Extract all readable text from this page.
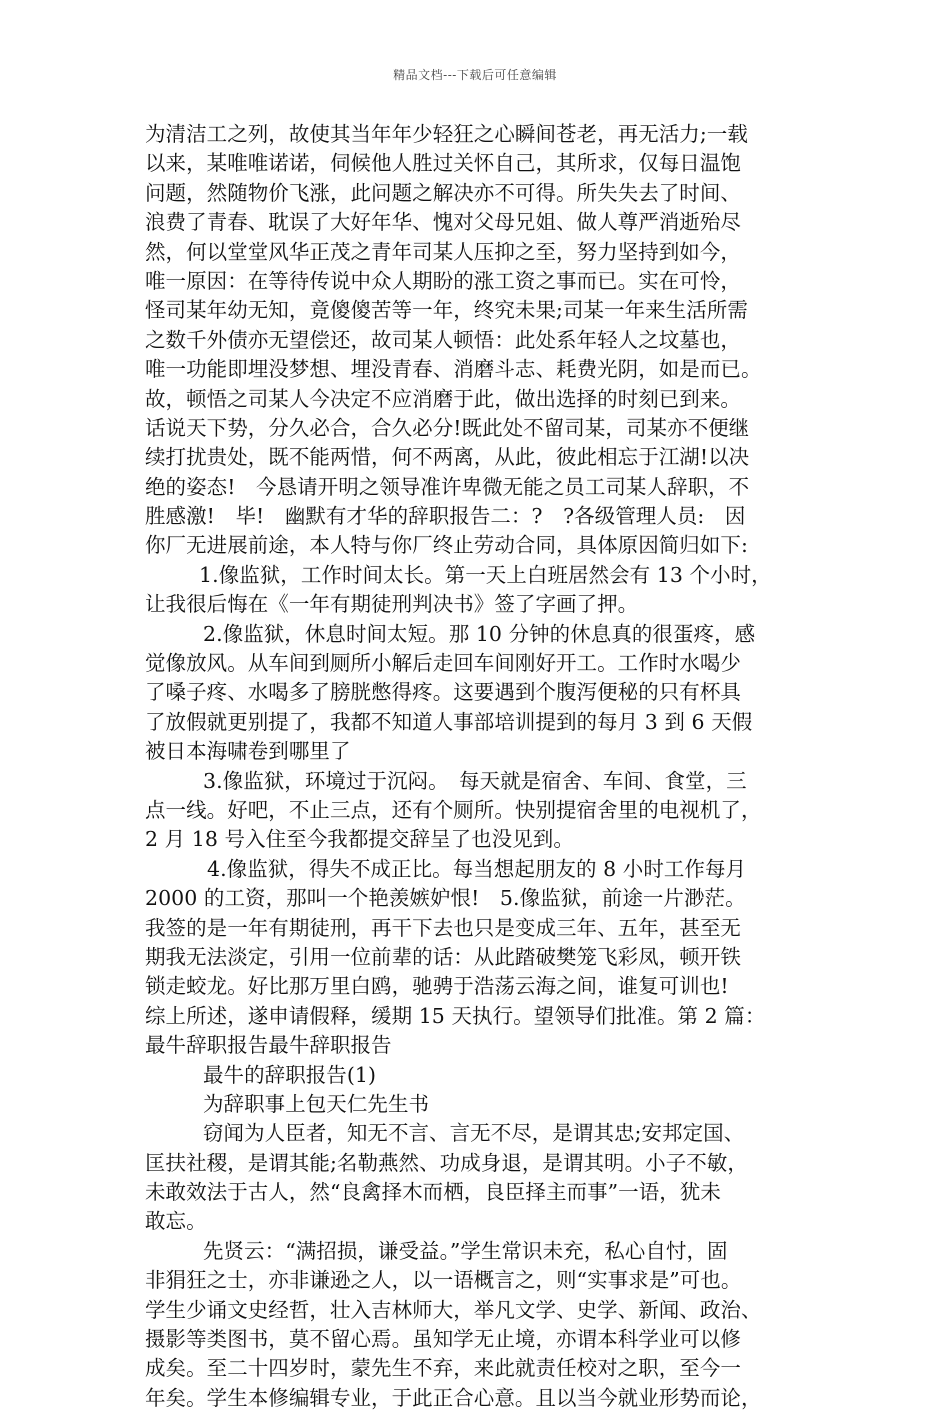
精品文档---下载后可任意编辑
为清洁工之列，故使其当年年少轻狂之心瞬间苍老，再无活力;一载
以来，某唯唯诺诺，伺候他人胜过关怀自己，其所求，仅每日温饱
问题，然随物价飞涨，此问题之解决亦不可得。所失失去了时间、
浪费了青春、耽误了大好年华、愧对父母兄姐、做人尊严消逝殆尽
然，何以堂堂风华正茂之青年司某人压抑之至，努力坚持到如今，
唯一原因：在等待传说中众人期盼的涨工资之事而已。实在可怜，
怪司某年幼无知，竟傻傻苦等一年，终究未果;司某一年来生活所需
之数千外债亦无望偿还，故司某人顿悟：此处系年轻人之坟墓也，
唯一功能即埋没梦想、埋没青春、消磨斗志、耗费光阴，如是而已。
故，顿悟之司某人今决定不应消磨于此，做出选择的时刻已到来。
话说天下势，分久必合，合久必分!既此处不留司某，司某亦不便继
续打扰贵处，既不能两惜，何不两离，从此，彼此相忘于江湖!以决
绝的姿态!　今恳请开明之领导准许卑微无能之员工司某人辞职，不
胜感激!　毕!　幽默有才华的辞职报告二：?　?各级管理人员:　因
你厂无进展前途，本人特与你厂终止劳动合同，具体原因简归如下:
1.像监狱，工作时间太长。第一天上白班居然会有 13 个小时，
让我很后悔在《一年有期徒刑判决书》签了字画了押。
2.像监狱，休息时间太短。那 10 分钟的休息真的很蛋疼，感
觉像放风。从车间到厕所小解后走回车间刚好开工。工作时水喝少
了嗓子疼、水喝多了膀胱憋得疼。这要遇到个腹泻便秘的只有杯具
了放假就更别提了，我都不知道人事部培训提到的每月 3 到 6 天假
被日本海啸卷到哪里了
3.像监狱，环境过于沉闷。　每天就是宿舍、车间、食堂，三
点一线。好吧，不止三点，还有个厕所。快别提宿舍里的电视机了，
2 月 18 号入住至今我都提交辞呈了也没见到。
4.像监狱，得失不成正比。每当想起朋友的 8 小时工作每月
2000 的工资，那叫一个艳羡嫉妒恨!　5.像监狱，前途一片渺茫。
我签的是一年有期徒刑，再干下去也只是变成三年、五年，甚至无
期我无法淡定，引用一位前辈的话：从此踏破樊笼飞彩凤，顿开铁
锁走蛟龙。好比那万里白鸥，驰骋于浩荡云海之间，谁复可训也!
综上所述，遂申请假释，缓期 15 天执行。望领导们批准。第 2 篇：
最牛辞职报告最牛辞职报告
最牛的辞职报告(1)
为辞职事上包天仁先生书
窃闻为人臣者，知无不言、言无不尽，是谓其忠;安邦定国、
匡扶社稷，是谓其能;名勒燕然、功成身退，是谓其明。小子不敏，
未敢效法于古人，然“良禽择木而栖，良臣择主而事”一语，犹未
敢忘。
先贤云：“满招损，谦受益。”学生常识未充，私心自忖，固
非狷狂之士，亦非谦逊之人，以一语概言之，则“实事求是”可也。
学生少诵文史经哲，壮入吉林师大，举凡文学、史学、新闻、政治、
摄影等类图书，莫不留心焉。虽知学无止境，亦谓本科学业可以修
成矣。至二十四岁时，蒙先生不弃，来此就责任校对之职，至今一
年矣。学生本修编辑专业，于此正合心意。且以当今就业形势而论，
